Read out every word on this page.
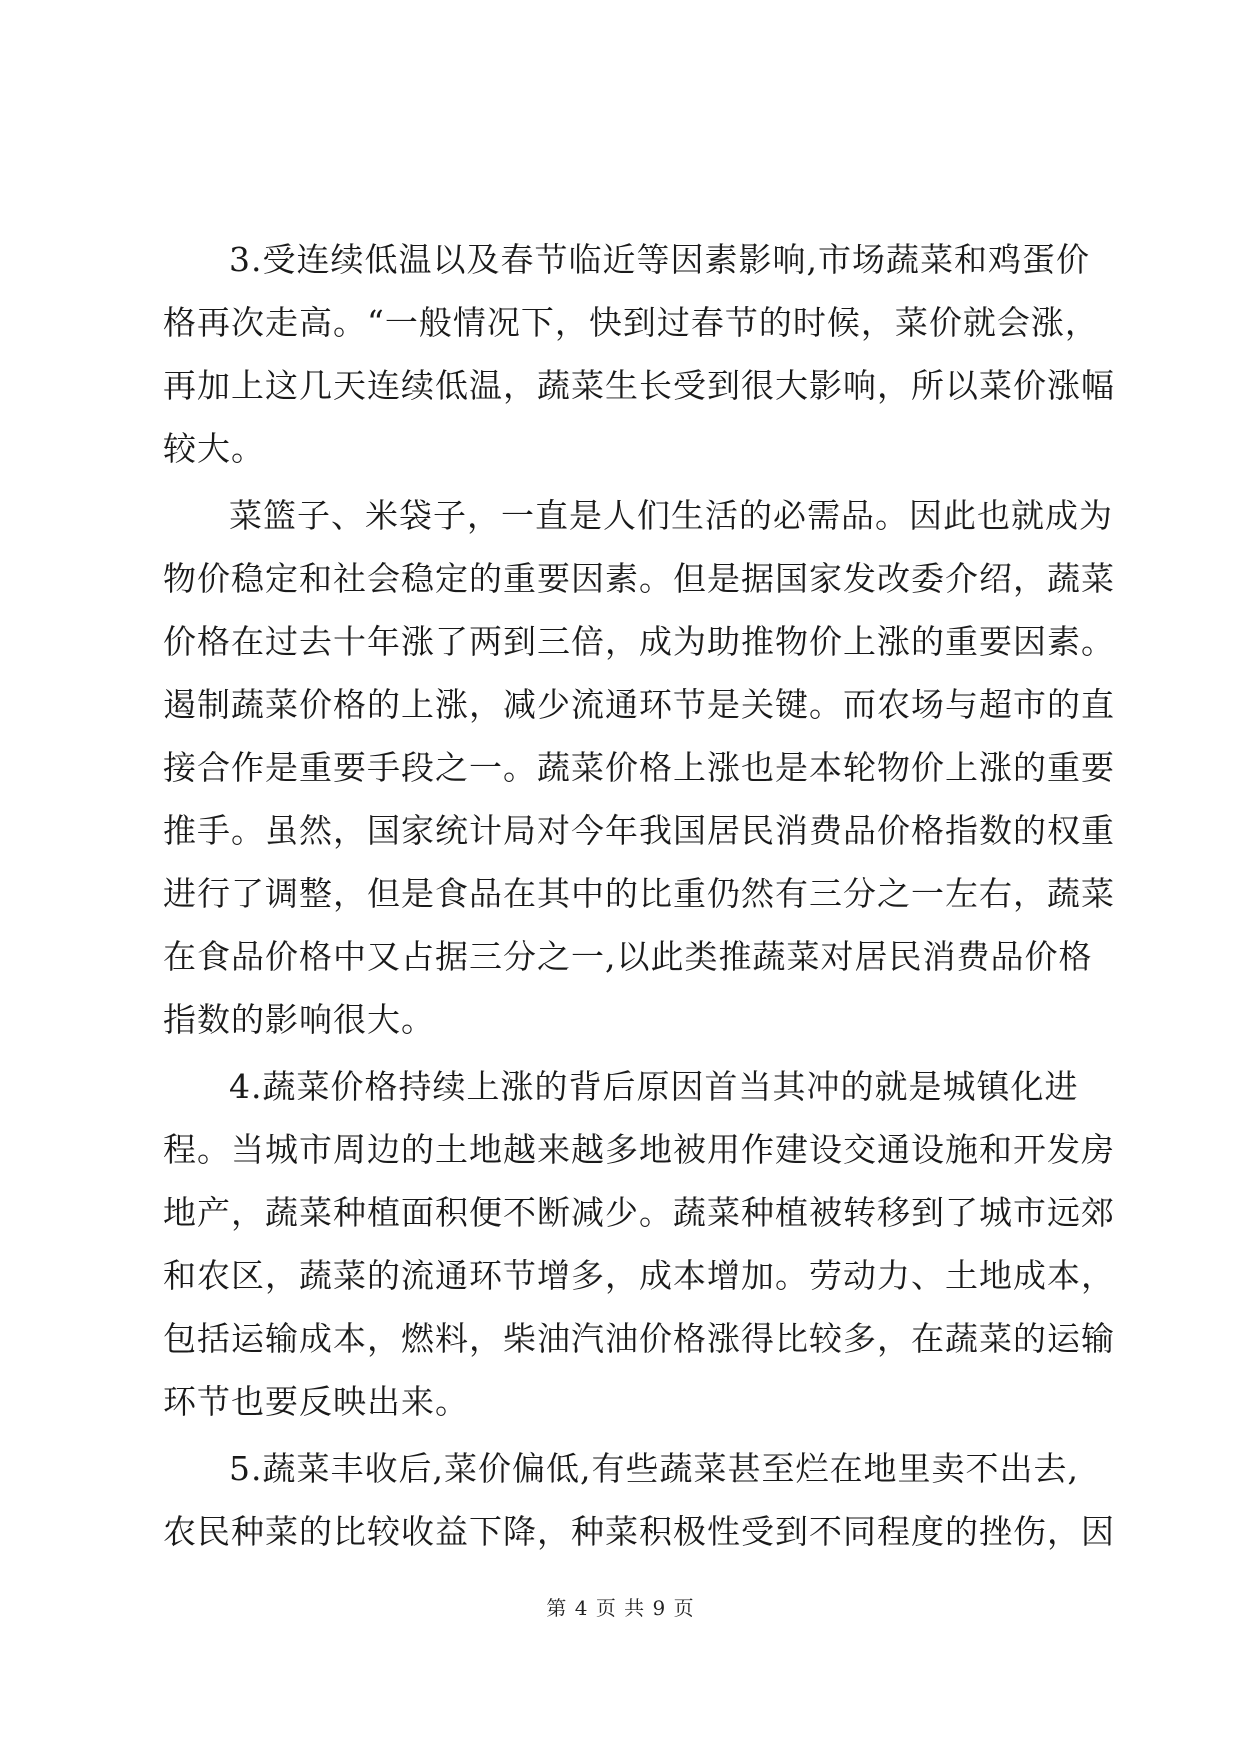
3.受连续低温以及春节临近等因素影响,市场蔬菜和鸡蛋价
格再次走高。“一般情况下，快到过春节的时候，菜价就会涨，
再加上这几天连续低温，蔬菜生长受到很大影响，所以菜价涨幅
较大。
菜篮子、米袋子，一直是人们生活的必需品。因此也就成为
物价稳定和社会稳定的重要因素。但是据国家发改委介绍，蔬菜
价格在过去十年涨了两到三倍，成为助推物价上涨的重要因素。
遏制蔬菜价格的上涨，减少流通环节是关键。而农场与超市的直
接合作是重要手段之一。蔬菜价格上涨也是本轮物价上涨的重要
推手。虽然，国家统计局对今年我国居民消费品价格指数的权重
进行了调整，但是食品在其中的比重仍然有三分之一左右，蔬菜
在食品价格中又占据三分之一,以此类推蔬菜对居民消费品价格
指数的影响很大。
4.蔬菜价格持续上涨的背后原因首当其冲的就是城镇化进
程。当城市周边的土地越来越多地被用作建设交通设施和开发房
地产，蔬菜种植面积便不断减少。蔬菜种植被转移到了城市远郊
和农区，蔬菜的流通环节增多，成本增加。劳动力、土地成本，
包括运输成本，燃料，柴油汽油价格涨得比较多，在蔬菜的运输
环节也要反映出来。
5.蔬菜丰收后,菜价偏低,有些蔬菜甚至烂在地里卖不出去,
农民种菜的比较收益下降，种菜积极性受到不同程度的挫伤，因
第 4 页 共 9 页
